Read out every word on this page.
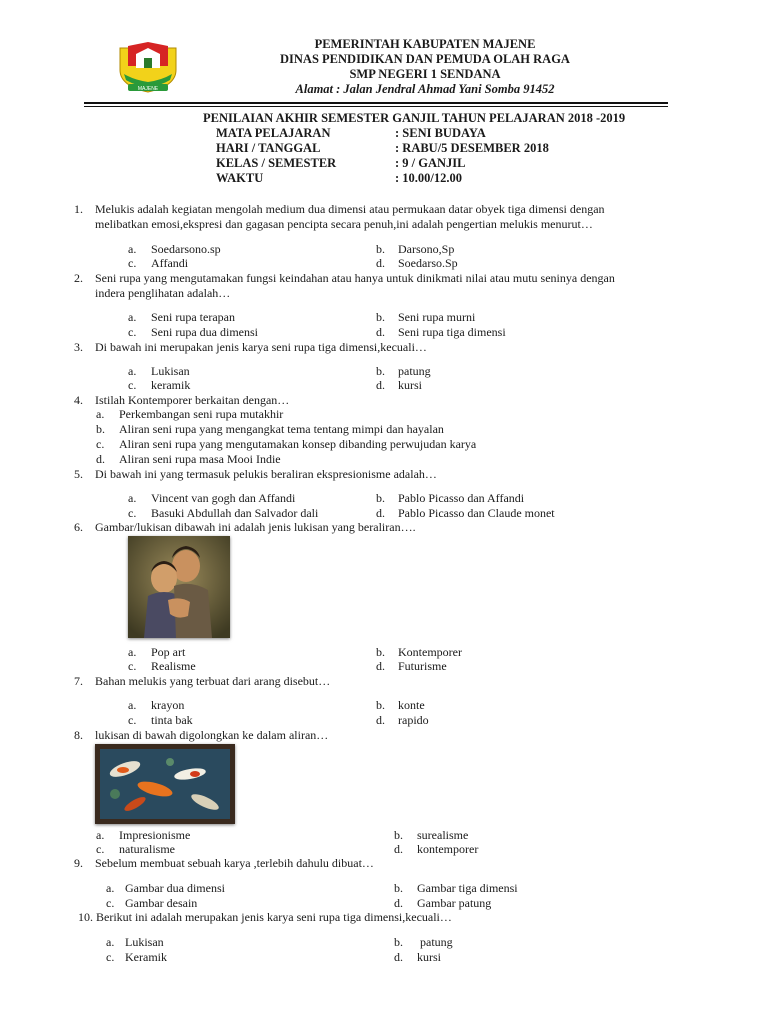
MAJENE
PEMERINTAH KABUPATEN MAJENE
DINAS PENDIDIKAN DAN PEMUDA OLAH RAGA
SMP NEGERI 1 SENDANA
Alamat : Jalan Jendral Ahmad Yani Somba 91452
PENILAIAN AKHIR SEMESTER GANJIL TAHUN PELAJARAN 2018 -2019
MATA PELAJARAN	: SENI BUDAYA
HARI / TANGGAL	: RABU/5 DESEMBER 2018
KELAS / SEMESTER	: 9 / GANJIL
WAKTU	: 10.00/12.00
1. Melukis adalah kegiatan mengolah medium dua dimensi atau permukaan datar obyek tiga dimensi dengan
melibatkan emosi,ekspresi dan gagasan pencipta secara penuh,ini adalah pengertian melukis menurut…
a. Soedarsono.sp	b. Darsono,Sp
c. Affandi	d. Soedarso.Sp
2. Seni rupa yang mengutamakan fungsi keindahan atau hanya untuk dinikmati nilai atau mutu seninya dengan
indera penglihatan adalah…
a. Seni rupa terapan	b. Seni rupa murni
c. Seni rupa dua dimensi	d. Seni rupa tiga dimensi
3. Di bawah ini merupakan jenis karya seni rupa tiga dimensi,kecuali…
a. Lukisan	b. patung
c. keramik	d. kursi
4. Istilah Kontemporer berkaitan dengan…
a. Perkembangan seni rupa mutakhir
b. Aliran seni rupa yang mengangkat tema tentang mimpi dan hayalan
c. Aliran seni rupa yang mengutamakan konsep dibanding perwujudan karya
d. Aliran seni rupa masa Mooi Indie
5. Di bawah ini yang termasuk pelukis beraliran ekspresionisme adalah…
a. Vincent van gogh dan Affandi	b. Pablo Picasso dan Affandi
c. Basuki Abdullah dan Salvador dali	d. Pablo Picasso dan Claude monet
6. Gambar/lukisan dibawah ini adalah jenis lukisan yang beraliran….
a. Pop art	b. Kontemporer
c. Realisme	d. Futurisme
7. Bahan melukis yang terbuat dari arang disebut…
a. krayon	b. konte
c. tinta bak	d. rapido
8. lukisan di bawah digolongkan ke dalam aliran…
a. Impresionisme	b. surealisme
c. naturalisme	d. kontemporer
9. Sebelum membuat sebuah karya ,terlebih dahulu dibuat…
a. Gambar dua dimensi	b. Gambar tiga dimensi
c. Gambar desain	d. Gambar patung
10. Berikut ini adalah merupakan jenis karya seni rupa tiga dimensi,kecuali…
a. Lukisan	b. patung
c. Keramik	d. kursi
